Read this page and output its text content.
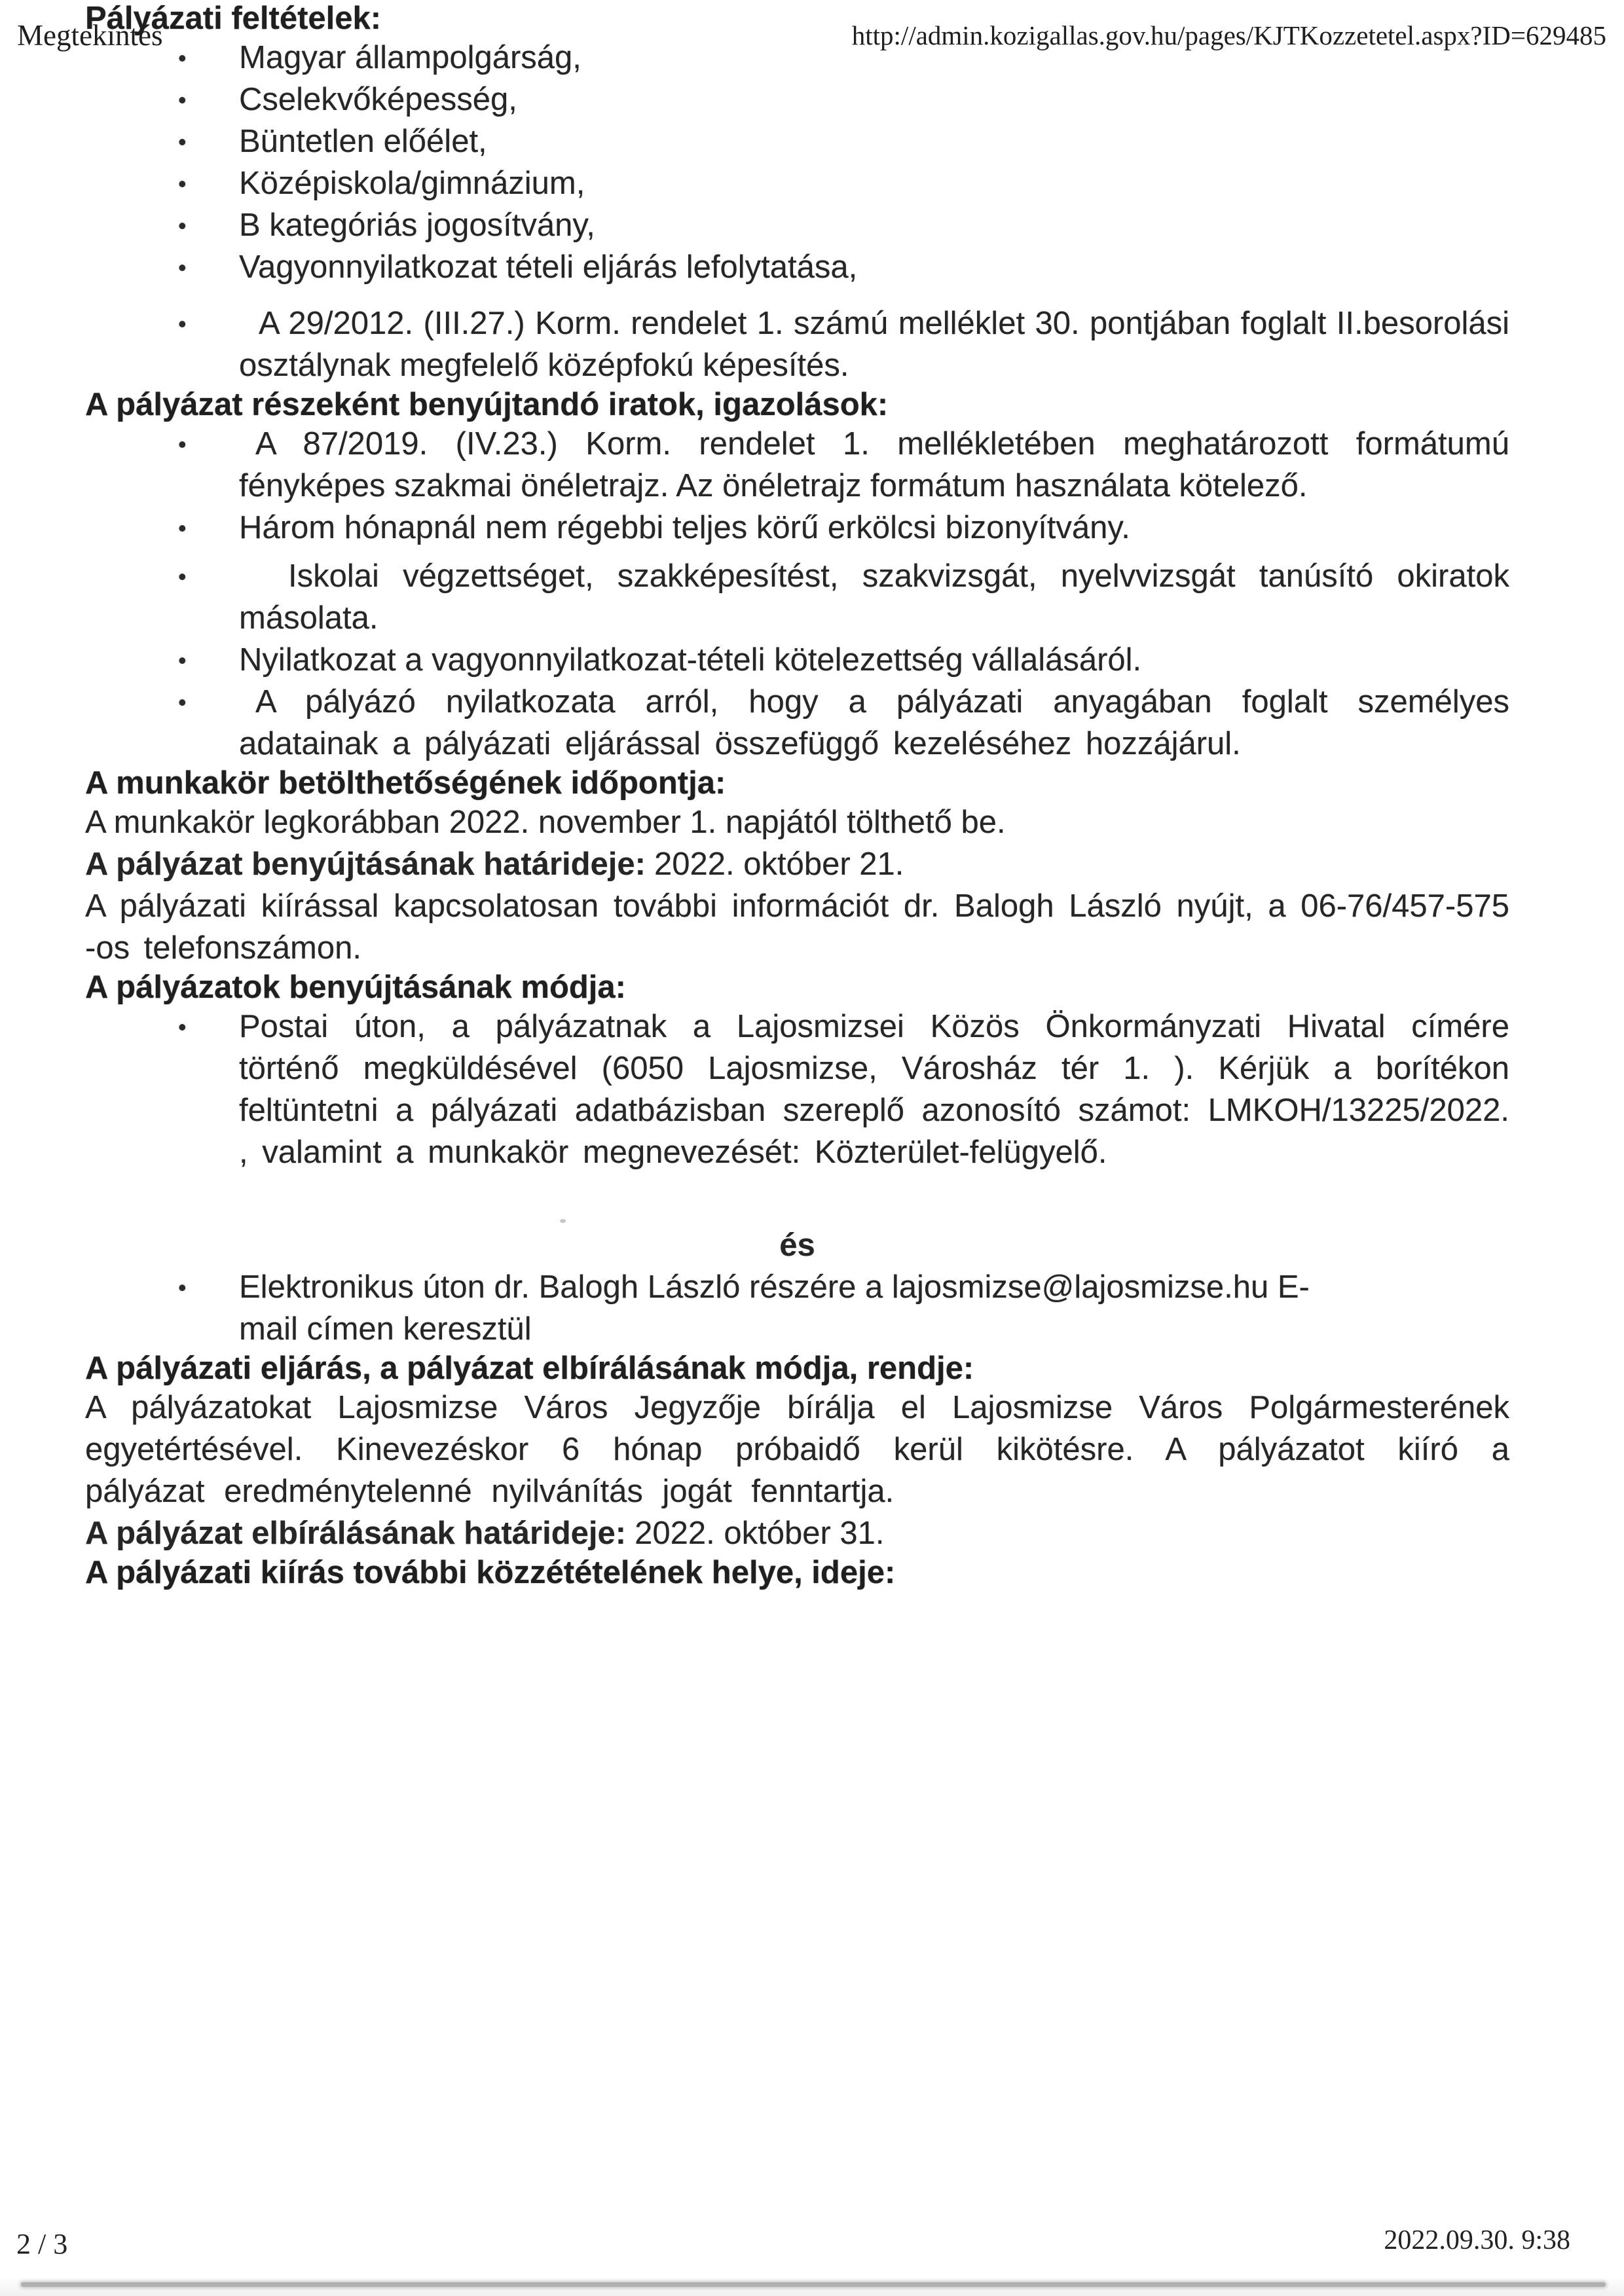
Megtekintés	http://admin.kozigallas.gov.hu/pages/KJTKozzetetel.aspx?ID=629485
Pályázati feltételek:
• Magyar állampolgárság,
• Cselekvőképesség,
• Büntetlen előélet,
• Középiskola/gimnázium,
• B kategóriás jogosítvány,
• Vagyonnyilatkozat tételi eljárás lefolytatása,
•	A 29/2012. (III.27.) Korm. rendelet 1. számú melléklet 30. pontjában foglalt II.besorolási osztálynak megfelelő középfokú képesítés.
A pályázat részeként benyújtandó iratok, igazolások:
•	A 87/2019. (IV.23.) Korm. rendelet 1. mellékletében meghatározott formátumú fényképes szakmai önéletrajz. Az önéletrajz formátum használata kötelező.
• Három hónapnál nem régebbi teljes körű erkölcsi bizonyítvány.
•	Iskolai végzettséget, szakképesítést, szakvizsgát, nyelvvizsgát tanúsító okiratok másolata.
• Nyilatkozat a vagyonnyilatkozat-tételi kötelezettség vállalásáról.
•	A pályázó nyilatkozata arról, hogy a pályázati anyagában foglalt személyes adatainak a pályázati eljárással összefüggő kezeléséhez hozzájárul.
A munkakör betölthetőségének időpontja:

A munkakör legkorábban 2022. november 1. napjától tölthető be.

A pályázat benyújtásának határideje: 2022. október 21.

A pályázati kiírással kapcsolatosan további információt dr. Balogh László nyújt, a 06-76/457-575 -os telefonszámon.

A pályázatok benyújtásának módja:
• Postai úton, a pályázatnak a Lajosmizsei Közös Önkormányzati Hivatal címére történő megküldésével (6050 Lajosmizse, Városház tér 1. ). Kérjük a borítékon feltüntetni a pályázati adatbázisban szereplő azonosító számot: LMKOH/13225/2022. , valamint a munkakör megnevezését: Közterület-felügyelő.
és
• Elektronikus úton dr. Balogh László részére a lajosmizse@lajosmizse.hu E-mail címen keresztül
A pályázati eljárás, a pályázat elbírálásának módja, rendje:

A pályázatokat Lajosmizse Város Jegyzője bírálja el Lajosmizse Város Polgármesterének egyetértésével. Kinevezéskor 6 hónap próbaidő kerül kikötésre. A pályázatot kiíró a pályázat eredménytelenné nyilvánítás jogát fenntartja.

A pályázat elbírálásának határideje: 2022. október 31.

A pályázati kiírás további közzétételének helye, ideje:
2 / 3	2022.09.30. 9:38
